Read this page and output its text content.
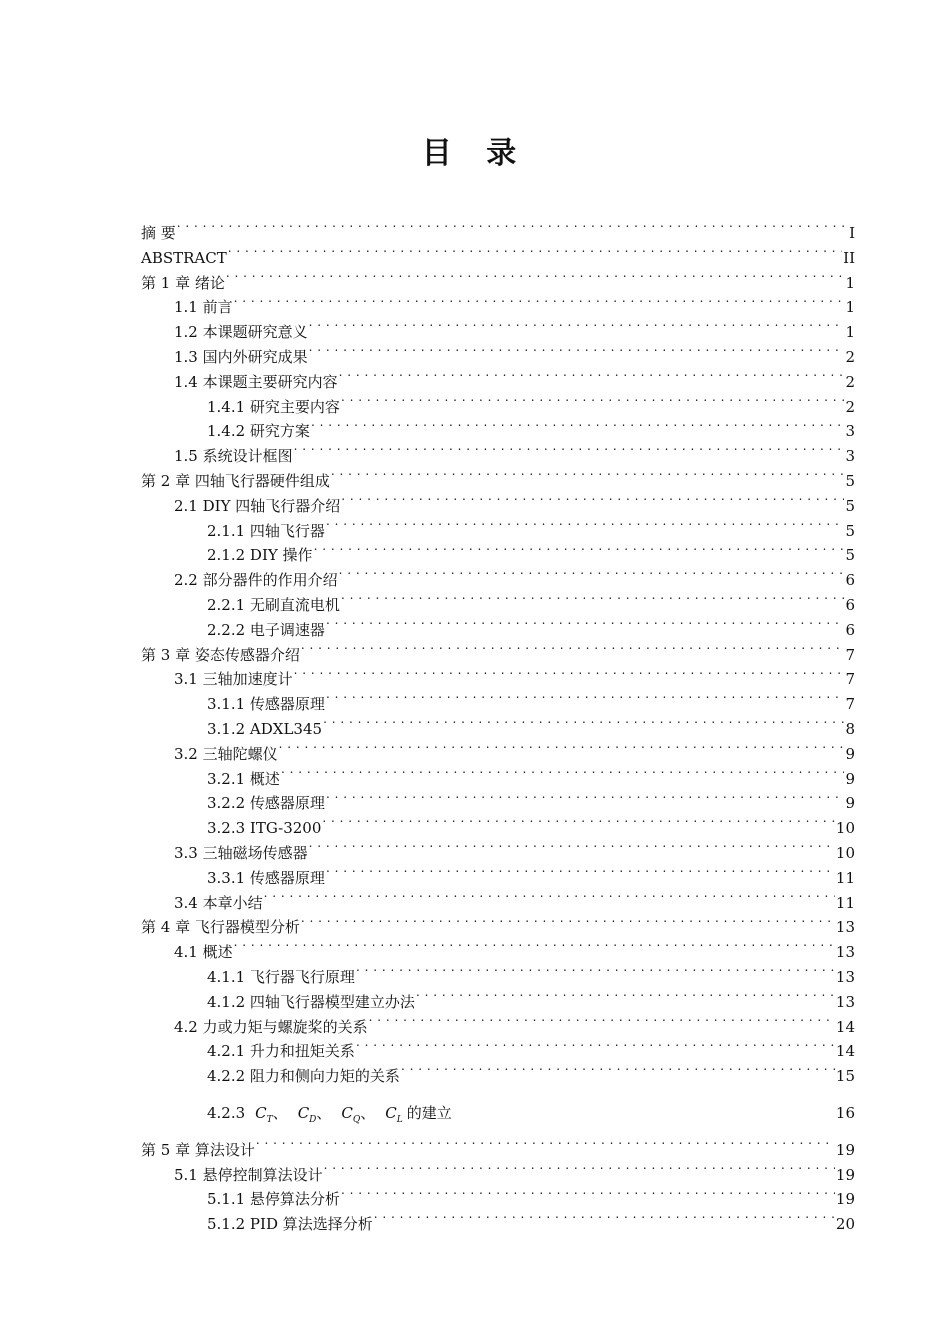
目 录
摘 要 . . .	I
ABSTRACT . . .	II
第 1 章 绪论 . . .	1
1.1 前言 . . .	1
1.2 本课题研究意义 . . .	1
1.3 国内外研究成果 . . .	2
1.4 本课题主要研究内容 . . .	2
1.4.1 研究主要内容 . . .	2
1.4.2 研究方案 . . .	3
1.5 系统设计框图 . . .	3
第 2 章 四轴飞行器硬件组成 . . .	5
2.1 DIY 四轴飞行器介绍 . . .	5
2.1.1 四轴飞行器 . . .	5
2.1.2 DIY 操作 . . .	5
2.2 部分器件的作用介绍 . . .	6
2.2.1 无刷直流电机 . . .	6
2.2.2 电子调速器 . . .	6
第 3 章 姿态传感器介绍 . . .	7
3.1 三轴加速度计 . . .	7
3.1.1 传感器原理 . . .	7
3.1.2 ADXL345 . . .	8
3.2 三轴陀螺仪 . . .	9
3.2.1 概述 . . .	9
3.2.2 传感器原理 . . .	9
3.2.3 ITG-3200 . . .	10
3.3 三轴磁场传感器 . . .	10
3.3.1 传感器原理 . . .	11
3.4 本章小结 . . .	11
第 4 章 飞行器模型分析 . . .	13
4.1 概述 . . .	13
4.1.1 飞行器飞行原理 . . .	13
4.1.2 四轴飞行器模型建立办法 . . .	13
4.2 力或力矩与螺旋桨的关系 . . .	14
4.2.1 升力和扭矩关系 . . .	14
4.2.2 阻力和侧向力矩的关系 . . .	15
4.2.3 $C_T$、 $C_D$、 $C_Q$、 $C_L$ 的建立 . . .	16
第 5 章 算法设计 . . .	19
5.1 悬停控制算法设计 . . .	19
5.1.1 悬停算法分析 . . .	19
5.1.2 PID 算法选择分析 . . .	20
